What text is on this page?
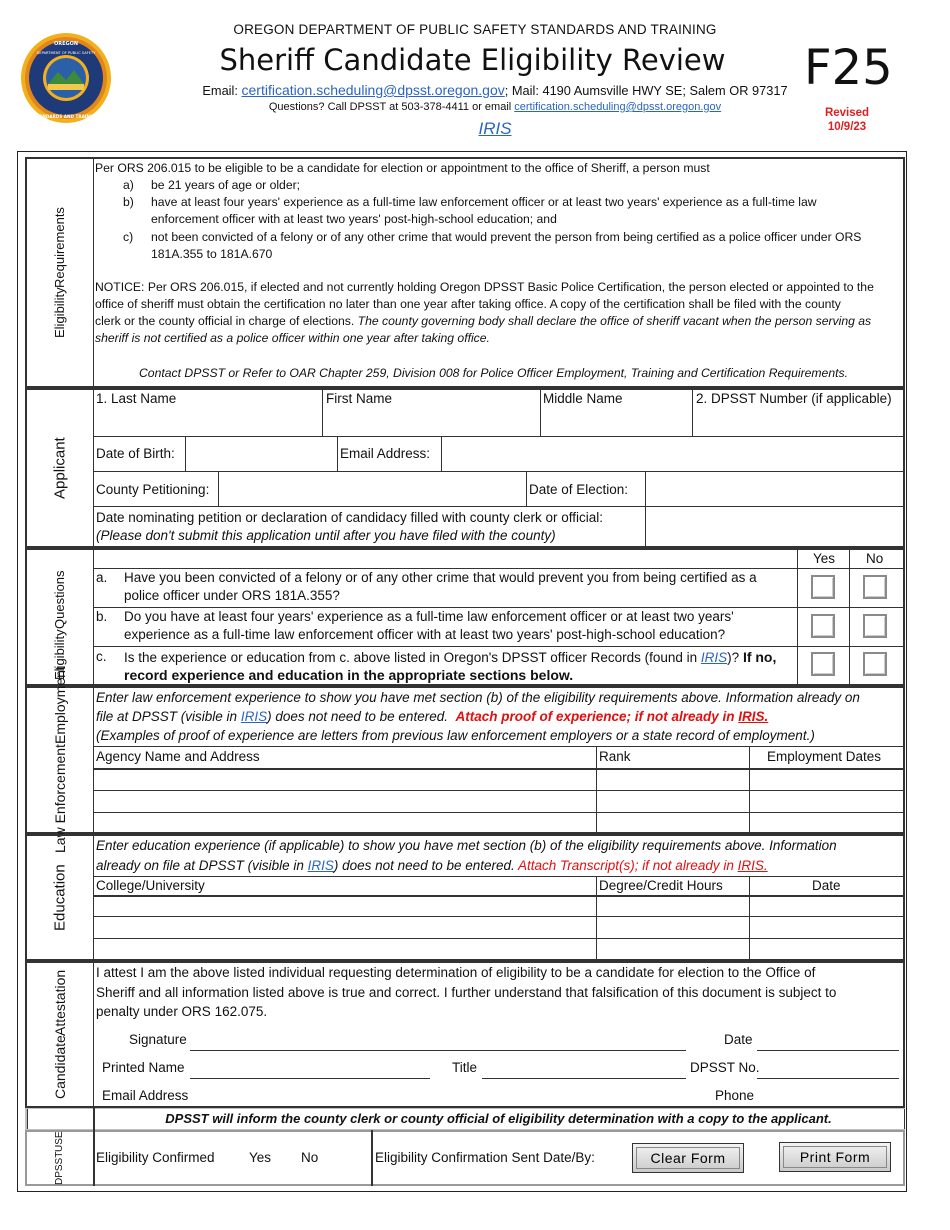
OREGON
STANDARDS AND TRAINING
DEPARTMENT OF PUBLIC SAFETY
OREGON DEPARTMENT OF PUBLIC SAFETY STANDARDS AND TRAINING
Sheriff Candidate Eligibility Review
Email: certification.scheduling@dpsst.oregon.gov; Mail: 4190 Aumsville HWY SE; Salem OR 97317
Questions? Call DPSST at 503-378-4411 or email certification.scheduling@dpsst.oregon.gov
IRIS
F25
Revised
10/9/23
Eligibility
Requirements
Per ORS 206.015 to be eligible to be a candidate for election or appointment to the office of Sheriff, a person must
a) be 21 years of age or older;
b) have at least four years' experience as a full-time law enforcement officer or at least two years' experience as a full-time law
enforcement officer with at least two years' post-high-school education; and
c) not been convicted of a felony or of any other crime that would prevent the person from being certified as a police officer under ORS
181A.355 to 181A.670
NOTICE: Per ORS 206.015, if elected and not currently holding Oregon DPSST Basic Police Certification, the person elected or appointed to the
office of sheriff must obtain the certification no later than one year after taking office. A copy of the certification shall be filed with the county
clerk or the county official in charge of elections. The county governing body shall declare the office of sheriff vacant when the person serving as
sheriff is not certified as a police officer within one year after taking office.
Contact DPSST or Refer to OAR Chapter 259, Division 008 for Police Officer Employment, Training and Certification Requirements.
Applicant
1. Last Name	First Name	Middle Name	2. DPSST Number (if applicable)
Date of Birth:	Email Address:
County Petitioning:	Date of Election:
Date nominating petition or declaration of candidacy filled with county clerk or official:
(Please don't submit this application until after you have filed with the county)
Eligibility
Questions
Yes No
a. Have you been convicted of a felony or of any other crime that would prevent you from being certified as a
police officer under ORS 181A.355?
b. Do you have at least four years' experience as a full-time law enforcement officer or at least two years'
experience as a full-time law enforcement officer with at least two years' post-high-school education?
c. Is the experience or education from c. above listed in Oregon's DPSST officer Records (found in IRIS)? If no,
record experience and education in the appropriate sections below.
Law Enforcement
Employment Enter law enforcement experience to show you have met section (b) of the eligibility requirements above. Information already on
file at DPSST (visible in IRIS) does not need to be entered. Attach proof of experience; if not already in IRIS.
(Examples of proof of experience are letters from previous law enforcement employers or a state record of employment.)
Agency Name and Address	Rank	Employment Dates
Education
Enter education experience (if applicable) to show you have met section (b) of the eligibility requirements above. Information
already on file at DPSST (visible in IRIS) does not need to be entered. Attach Transcript(s); if not already in IRIS.
College/University	Degree/Credit Hours	Date
Candidate
Attestation I attest I am the above listed individual requesting determination of eligibility to be a candidate for election to the Office of
Sheriff and all information listed above is true and correct. I further understand that falsification of this document is subject to
penalty under ORS 162.075.
Signature	Date
Printed Name	Title	DPSST No.
Email Address	Phone
DPSST will inform the county clerk or county official of eligibility determination with a copy to the applicant.
DPSST
USE
Eligibility Confirmed	Yes No	Eligibility Confirmation Sent Date/By:	Clear Form	Print Form
